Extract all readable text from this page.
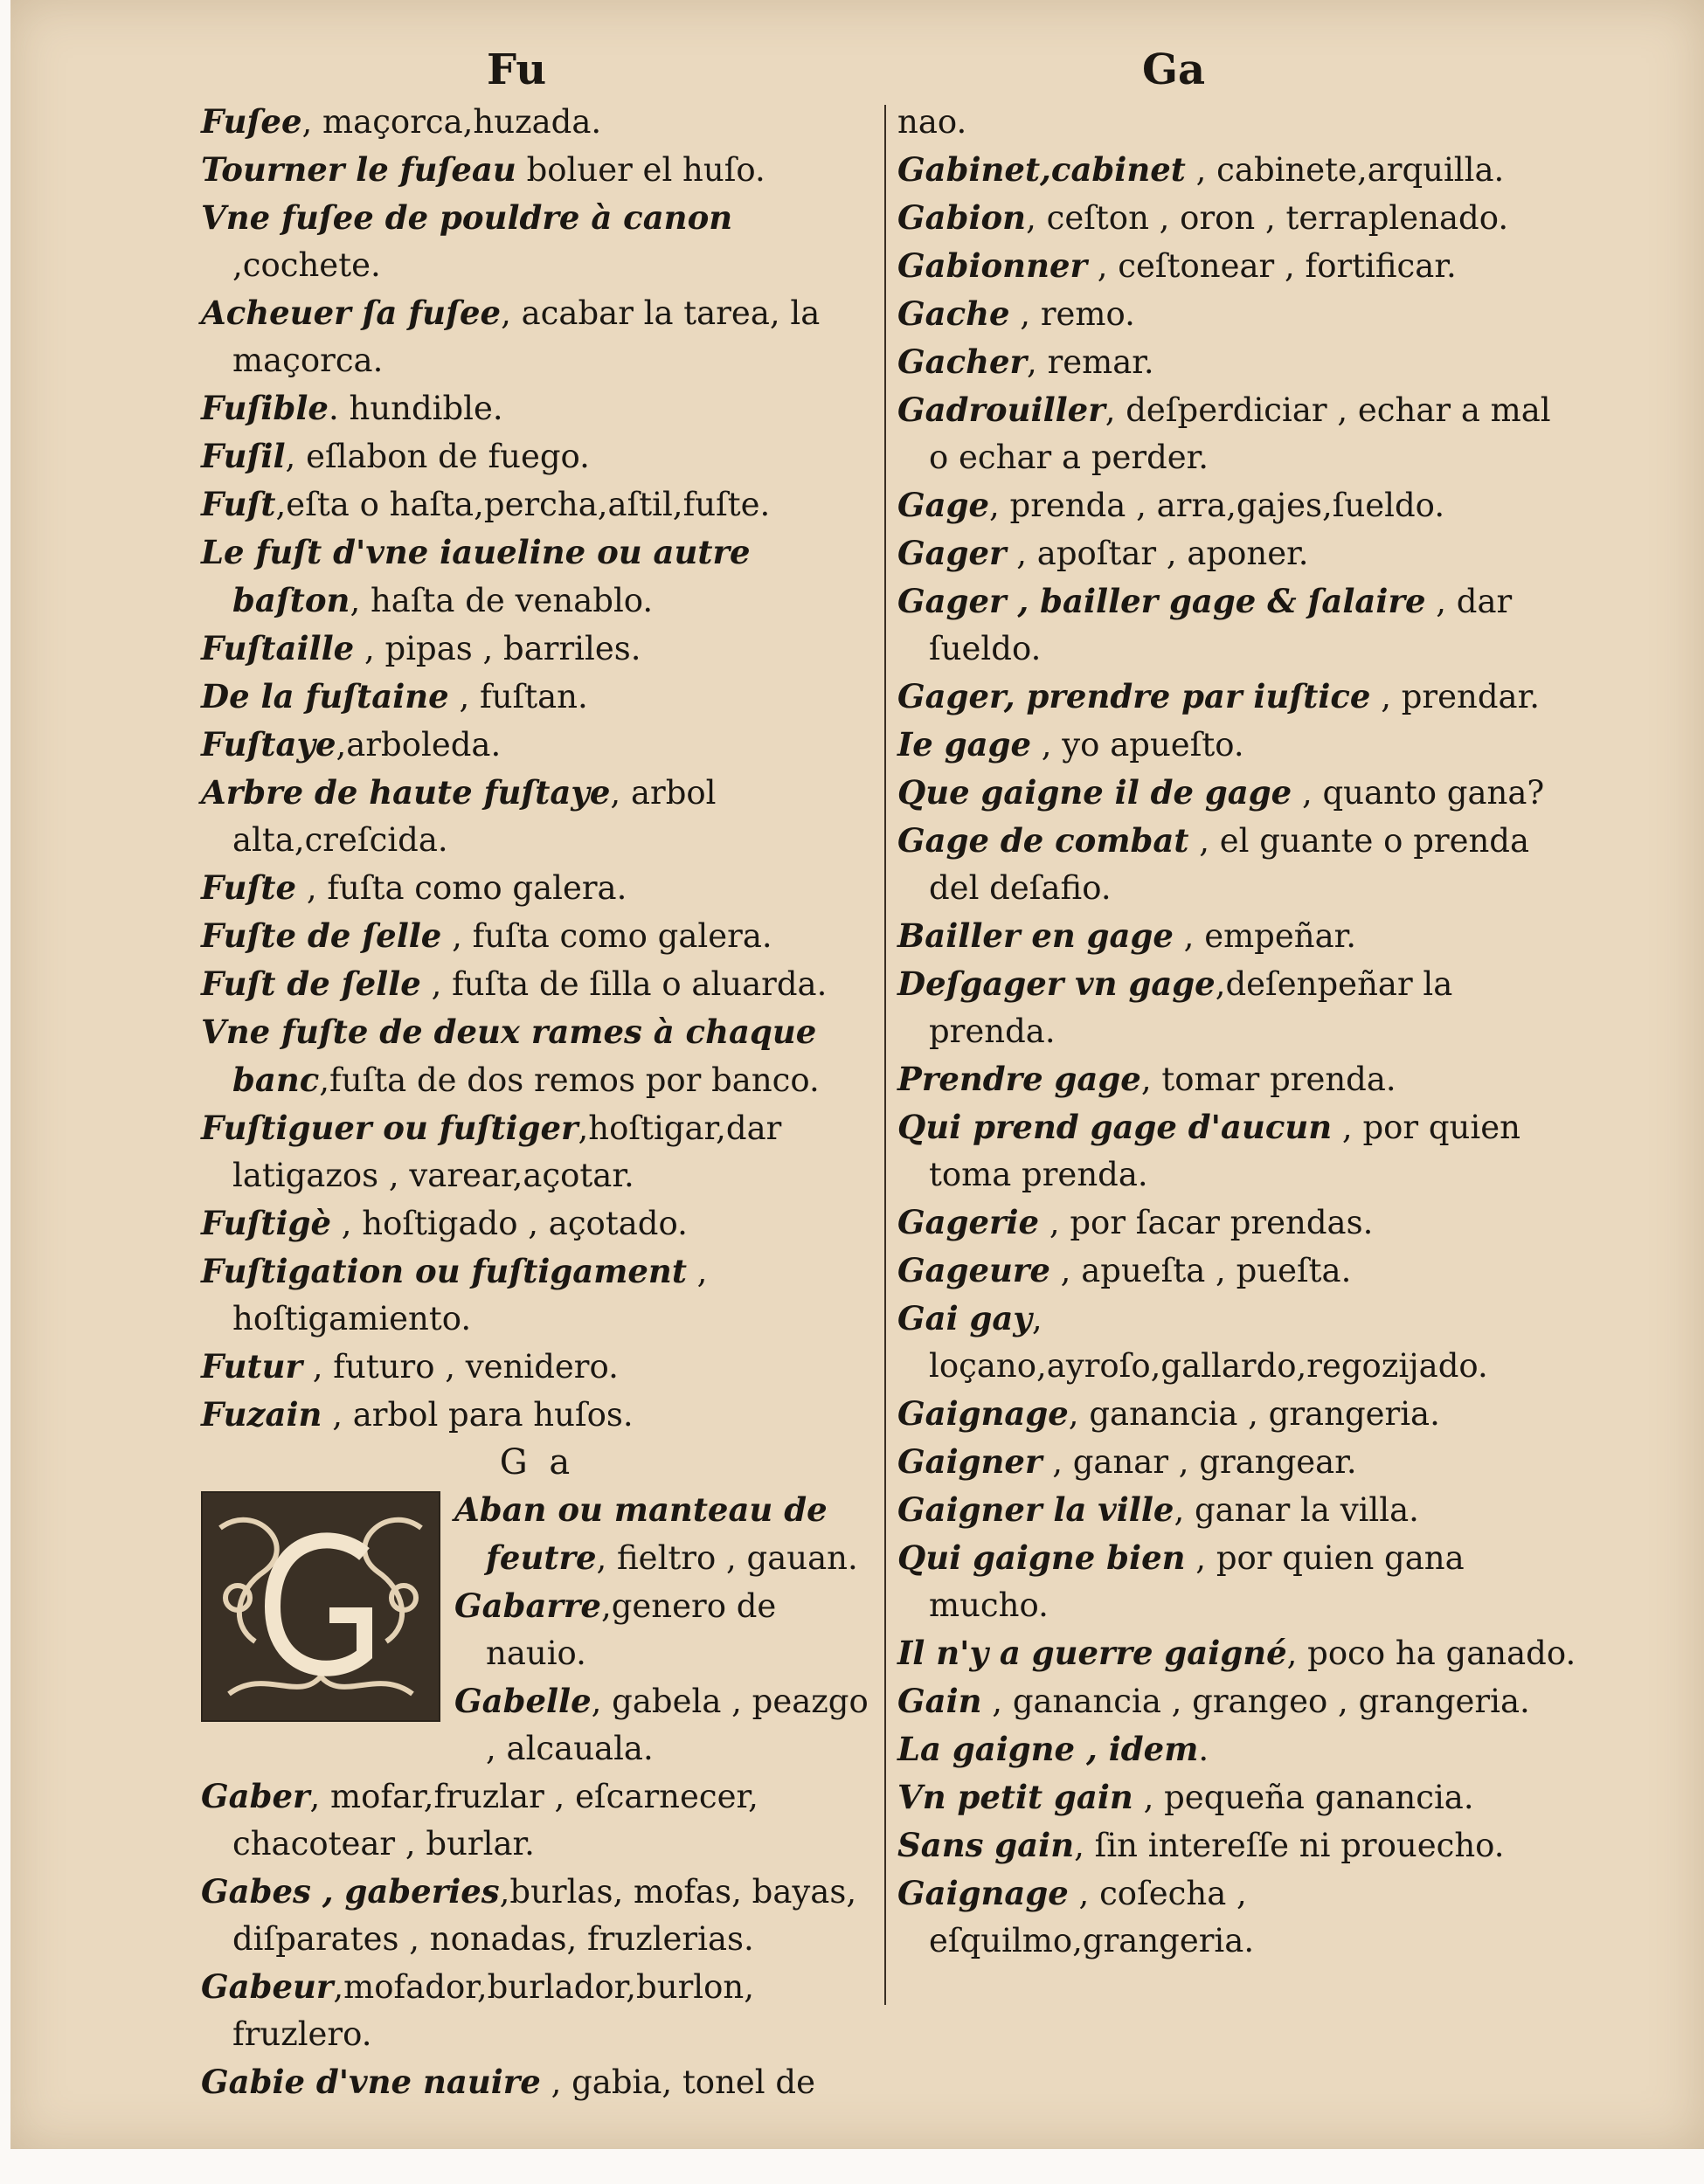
Fu	Ga

Fuſee, maçorca,huzada.

Tourner le fuſeau boluer el huſo.

Vne fuſee de pouldre à canon ,cochete.

Acheuer ſa fuſee, acabar la tarea, la maçorca.

Fuſible. hundible.

Fuſil, eſlabon de fuego.

Fuſt,eſta o haſta,percha,aſtil,fuſte.

Le fuſt d'vne iaueline ou autre baſton, haſta de venablo.

Fuſtaille , pipas , barriles.

De la fuſtaine , fuſtan.

Fuſtaye,arboleda.

Arbre de haute fuſtaye, arbol alta,creſcida.

Fuſte , fuſta como galera.

Fuſte de ſelle , fuſta como galera.

Fuſt de ſelle , fuſta de ſilla o aluarda.

Vne fuſte de deux rames à chaque banc,fuſta de dos remos por banco.

Fuſtiguer ou fuſtiger,hoſtigar,dar latigazos , varear,açotar.

Fuſtigè , hoſtigado , açotado.

Fuſtigation ou fuſtigament , hoſtigamiento.

Futur , futuro , venidero.

Fuzain , arbol para huſos.

G a

Aban ou manteau de feutre, fieltro , gauan.

Gabarre,genero de nauio.

Gabelle, gabela , peazgo , alcauala.

Gaber, mofar,fruzlar , eſcarnecer, chacotear , burlar.

Gabes , gaberies,burlas, mofas, bayas, diſparates , nonadas, fruzlerias.

Gabeur,mofador,burlador,burlon, fruzlero.

Gabie d'vne nauire , gabia, tonel de

nao.

Gabinet,cabinet , cabinete,arquilla.

Gabion, ceſton , oron , terraplenado.

Gabionner , ceſtonear , fortificar.

Gache , remo.

Gacher, remar.

Gadrouiller, deſperdiciar , echar a mal o echar a perder.

Gage, prenda , arra,gajes,ſueldo.

Gager , apoſtar , aponer.

Gager , bailler gage & ſalaire , dar ſueldo.

Gager, prendre par iuſtice , prendar.

Ie gage , yo apueſto.

Que gaigne il de gage , quanto gana?

Gage de combat , el guante o prenda del deſafio.

Bailler en gage , empeñar.

Deſgager vn gage,deſenpeñar la prenda.

Prendre gage, tomar prenda.

Qui prend gage d'aucun , por quien toma prenda.

Gagerie , por ſacar prendas.

Gageure , apueſta , pueſta.

Gai gay, loçano,ayroſo,gallardo,regozijado.

Gaignage, ganancia , grangeria.

Gaigner , ganar , grangear.

Gaigner la ville, ganar la villa.

Qui gaigne bien , por quien gana mucho.

Il n'y a guerre gaigné, poco ha ganado.

Gain , ganancia , grangeo , grangeria.

La gaigne , idem.

Vn petit gain , pequeña ganancia.

Sans gain, ſin intereſſe ni prouecho.

Gaignage , coſecha , eſquilmo,grangeria.
